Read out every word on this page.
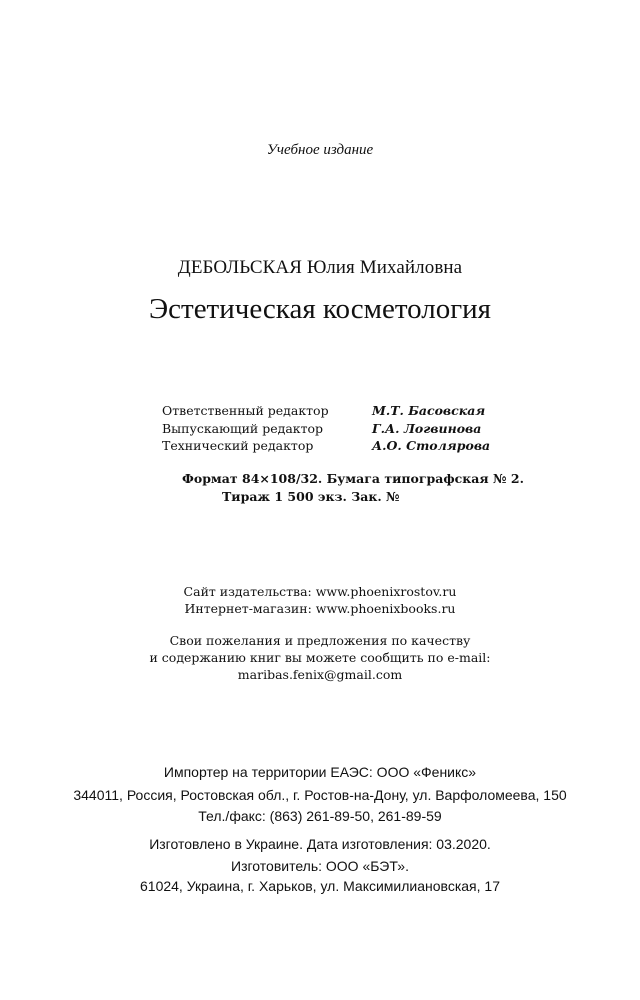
Учебное издание
ДЕБОЛЬСКАЯ Юлия Михайловна
Эстетическая косметология
Ответственный редактор	М.Т. Басовская
Выпускающий редактор	Г.А. Логвинова
Технический редактор	А.О. Столярова
Формат 84×108/32. Бумага типографская № 2.
Тираж 1 500 экз. Зак. №
Сайт издательства: www.phoenixrostov.ru
Интернет-магазин: www.phoenixbooks.ru
Свои пожелания и предложения по качеству
и содержанию книг вы можете сообщить по e-mail:
maribas.fenix@gmail.com
Импортер на территории ЕАЭС: ООО «Феникс»
344011, Россия, Ростовская обл., г. Ростов-на-Дону, ул. Варфоломеева, 150
Тел./факс: (863) 261-89-50, 261-89-59
Изготовлено в Украине. Дата изготовления: 03.2020.
Изготовитель: ООО «БЭТ».
61024, Украина, г. Харьков, ул. Максимилиановская, 17
